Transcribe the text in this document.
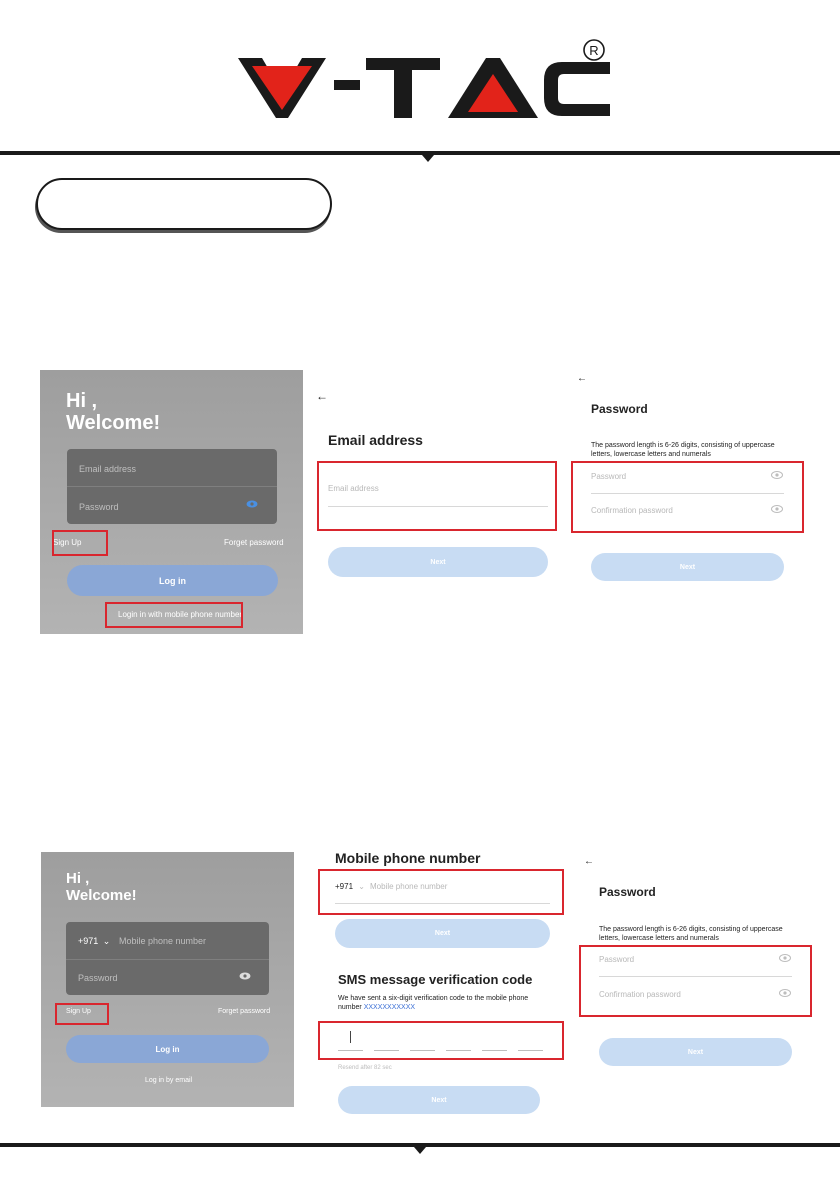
R
Hi ,
Welcome!
Email address
Password
Sign Up	Forget password
Log in
Login in with mobile phone number
←
Email address
Email address
Next
←
Password
The password length is 6-26 digits, consisting of uppercase letters, lowercase letters and numerals
Password
Confirmation password
Next
Hi ,
Welcome!
+971 ⌄ Mobile phone number
Password
Sign Up	Forget password
Log in
Log in by email
Mobile phone number
+971 ⌄ Mobile phone number
Next
SMS message verification code
We have sent a six-digit verification code to the mobile phone number XXXXXXXXXXX
Resend after 82 sec
Next
←
Password
The password length is 6-26 digits, consisting of uppercase letters, lowercase letters and numerals
Password
Confirmation password
Next
